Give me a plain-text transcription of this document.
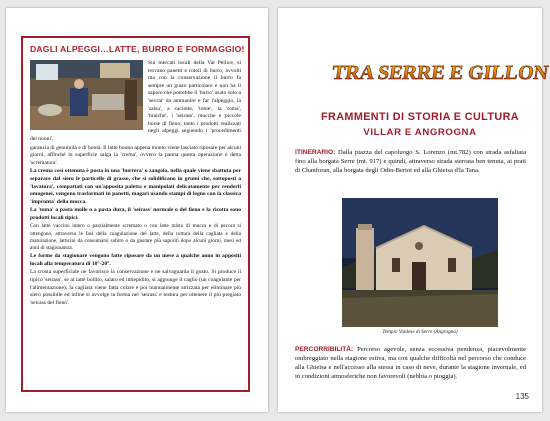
DAGLI ALPEGGI…LATTE, BURRO E FORMAGGIO!

Sui mercati locali della Val Pellice, si trovano panetti e rotoli di burro, avvolti ma con la conservazione il burro fa sempre un gusto particolare e non ha il sapore che potrebbe il 'burro' usato solo a 'sevrai' da ammanire e far l'alpeggio, la 'salsa', a caciotte, 'tome', la 'tomà', 'braiche', i 'seirass', mucche e piccole borse di fieno; tanto i prodotti realizzati negli alpeggi seguendo i 'procedimenti dei nonni',

garanzia di genuinità e di bontà. Il latte buono appena munto viene lasciato riposare per alcuni giorni, affinché in superficie salga la 'crema', ovvero la panna questa operazione è detta 'scrematura'.

La crema così ottenuta è posta in una 'burrera' o zangola, nella quale viene sbattuta per separare dal siero le particelle di grasso, che si solidificano in grumi che, sottoposti a 'lavatura', compattati con un'apposita paletta e manipolati delicatamente per renderli omogenei, vengono trasformati in panetti, magari usando stampi di legno con la classica 'impronta' della mucca.

La 'toma' a pasta molle o a pasta dura, il 'seirass' normale o del fieno e la ricotta sono prodotti locali tipici.

Con latte vaccino intero o parzialmente scremato o con latte misto di mucca e di pecora si ottengono, attraverso le fasi della coagulazione del latte, della rottura della cagliata e della maturazione, latticini da consumarsi subito o da gustare più saporiti dopo alcuni giorni, mesi ed anni di stagionatura.

Le forme da stagionare vengono fatte riposare da un mese a qualche anno in appositi locali alla temperatura di 10°-20°.

La crosta superficiale ne favorisce la conservazione e ne salvaguarda il gusto. Si produce il tipico 'seirass', se al latte bollito, salato ed intiepidito, si aggiunge il caglio (un coagulante per l'alimentazione); la cagliata viene fatta colare e poi manualmente strizzata per eliminare più siero possibile ed infine si avvolge la forma nel 'seirass' e testura per ottenere il più pregiato 'seirass del fieno'.

TRA SERRE E GILLON
FRAMMENTI DI STORIA E CULTURA
VILLAR E ANGROGNA
ITINERARIO: Dalla piazza del capoluogo S. Lorenzo (mt.782) con strada asfaltata fino alla borgata Serre (mt. 917) e quindi, attraverso strada sterrata ben tenuta, ai prati di Chanforan, alla borgata degli Odin-Bertot ed alla Ghieisa d'la Tana.
Tempio Valdese di Serre (Angrogna)
PERCORRIBILITÀ: Percorso agevole, senza eccessiva pendenza, piacevolmente ombreggiato nella stagione estiva, ma con qualche difficoltà nel percorso che conduce alla Ghieisa e nell'accesso alla stessa in caso di neve, durante la stagione invernale, ed in condizioni atmosferiche non favorevoli (nebbia o pioggia).
135
